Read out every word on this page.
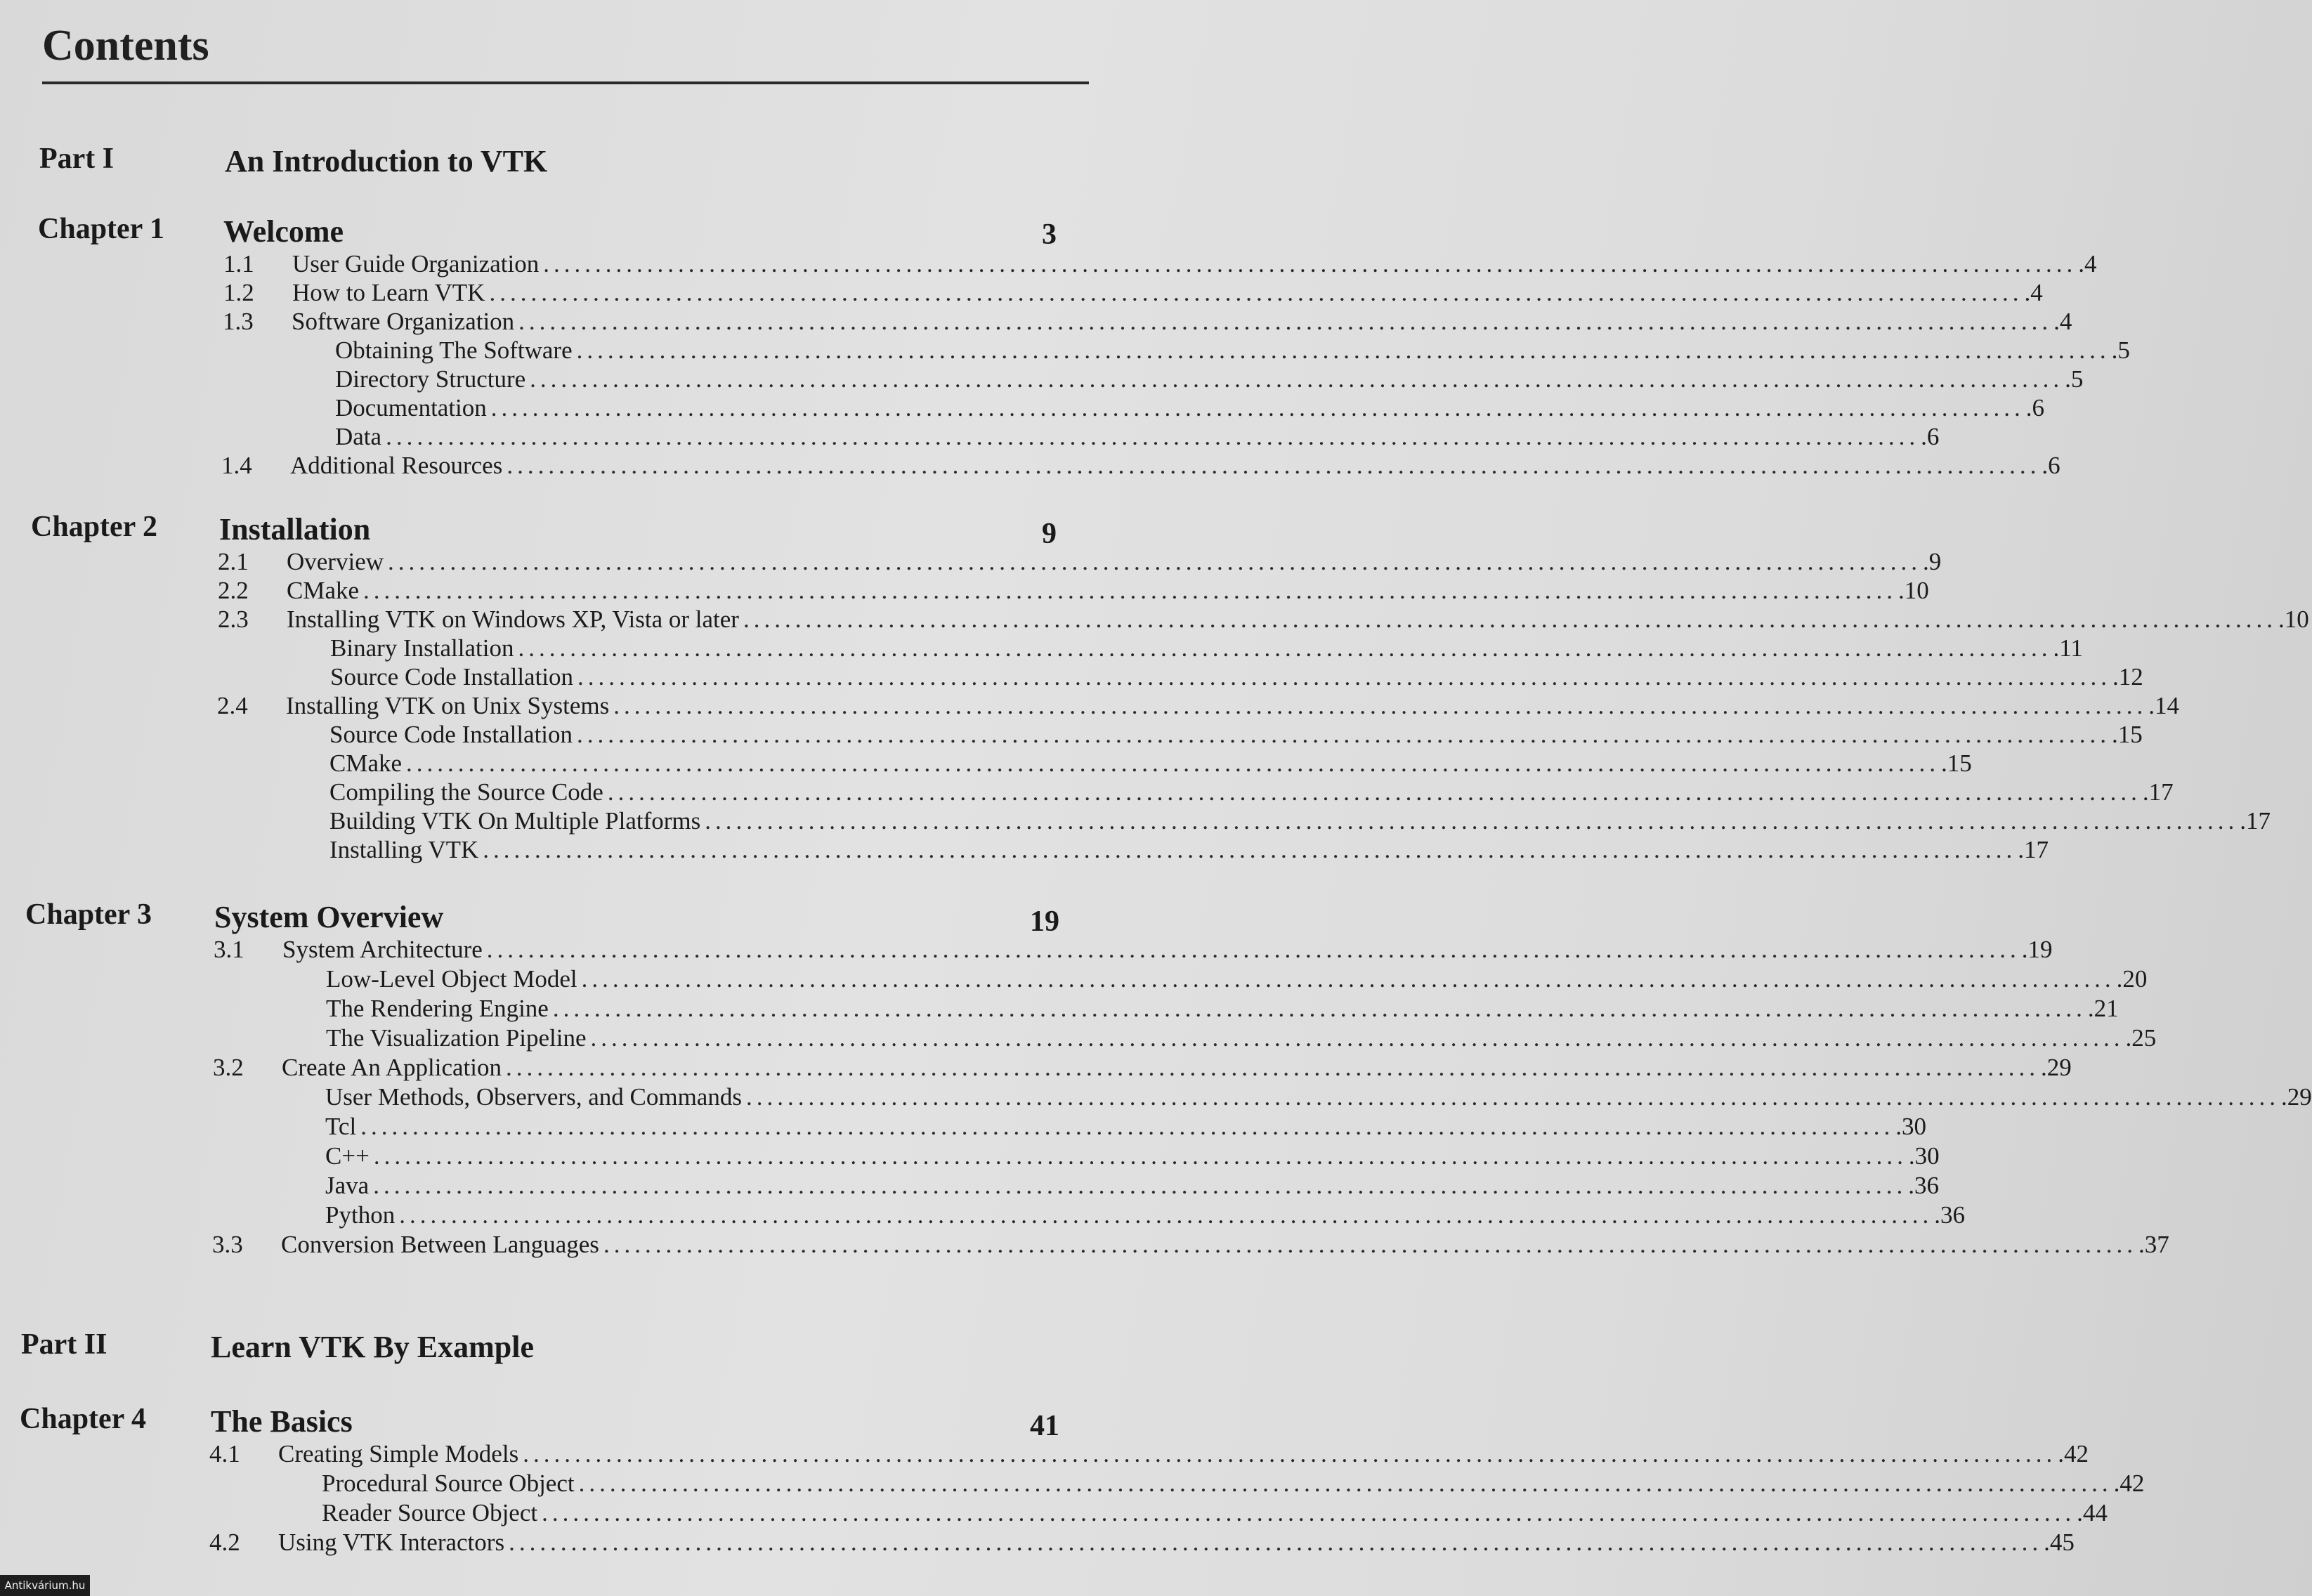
Contents
Part I	An Introduction to VTK
Chapter 1 Welcome	3
1.1	User Guide Organization .................................................................................................................................................... .4
1.2	How to Learn VTK .................................................................................................................................................... .4
1.3	Software Organization .................................................................................................................................................... .4
Obtaining The Software .................................................................................................................................................... .5
Directory Structure .................................................................................................................................................... .5
Documentation .................................................................................................................................................... .6
Data .................................................................................................................................................... .6
1.4	Additional Resources .................................................................................................................................................... .6
Chapter 2 Installation	9
2.1	Overview .................................................................................................................................................... .9
2.2	CMake .................................................................................................................................................... .10
2.3	Installing VTK on Windows XP, Vista or later .................................................................................................................................................... .10
Binary Installation .................................................................................................................................................... .11
Source Code Installation .................................................................................................................................................... .12
2.4	Installing VTK on Unix Systems .................................................................................................................................................... .14
Source Code Installation .................................................................................................................................................... .15
CMake .................................................................................................................................................... .15
Compiling the Source Code .................................................................................................................................................... .17
Building VTK On Multiple Platforms .................................................................................................................................................... .17
Installing VTK .................................................................................................................................................... .17
Chapter 3 System Overview	19
3.1	System Architecture .................................................................................................................................................... .19
Low-Level Object Model .................................................................................................................................................... .20
The Rendering Engine .................................................................................................................................................... .21
The Visualization Pipeline .................................................................................................................................................... .25
3.2	Create An Application .................................................................................................................................................... .29
User Methods, Observers, and Commands .................................................................................................................................................... .29
Tcl .................................................................................................................................................... .30
C++ .................................................................................................................................................... .30
Java .................................................................................................................................................... .36
Python .................................................................................................................................................... .36
3.3	Conversion Between Languages .................................................................................................................................................... .37
Part II	Learn VTK By Example
Chapter 4 The Basics	41
4.1	Creating Simple Models .................................................................................................................................................... .42
Procedural Source Object .................................................................................................................................................... .42
Reader Source Object .................................................................................................................................................... .44
4.2	Using VTK Interactors .................................................................................................................................................... .45
Antikvárium.hu
